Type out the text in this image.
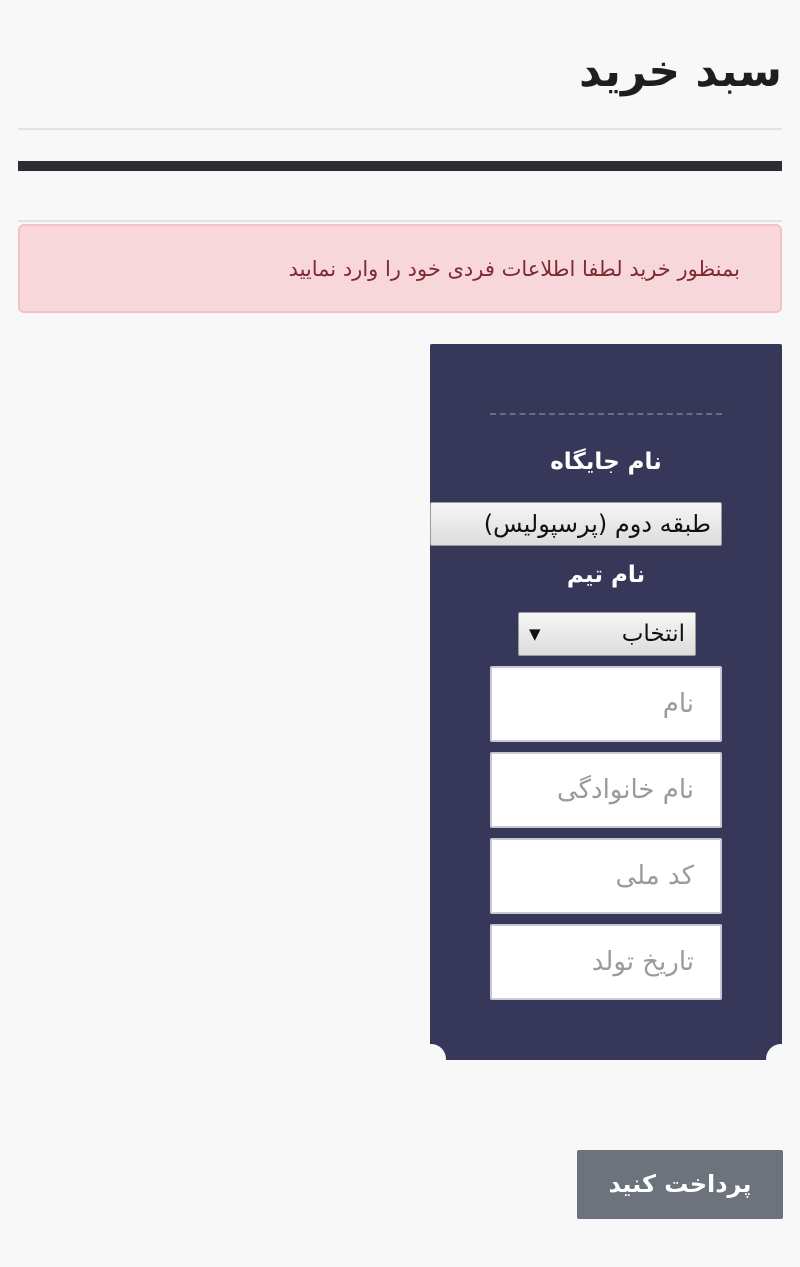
سبد خرید
بمنظور خرید لطفا اطلاعات فردی خود را وارد نمایید
نام جایگاه
طبقه دوم (پرسپولیس)
نام تیم
انتخاب
▼
نام
نام خانوادگی
کد ملی
تاریخ تولد
پرداخت کنید
